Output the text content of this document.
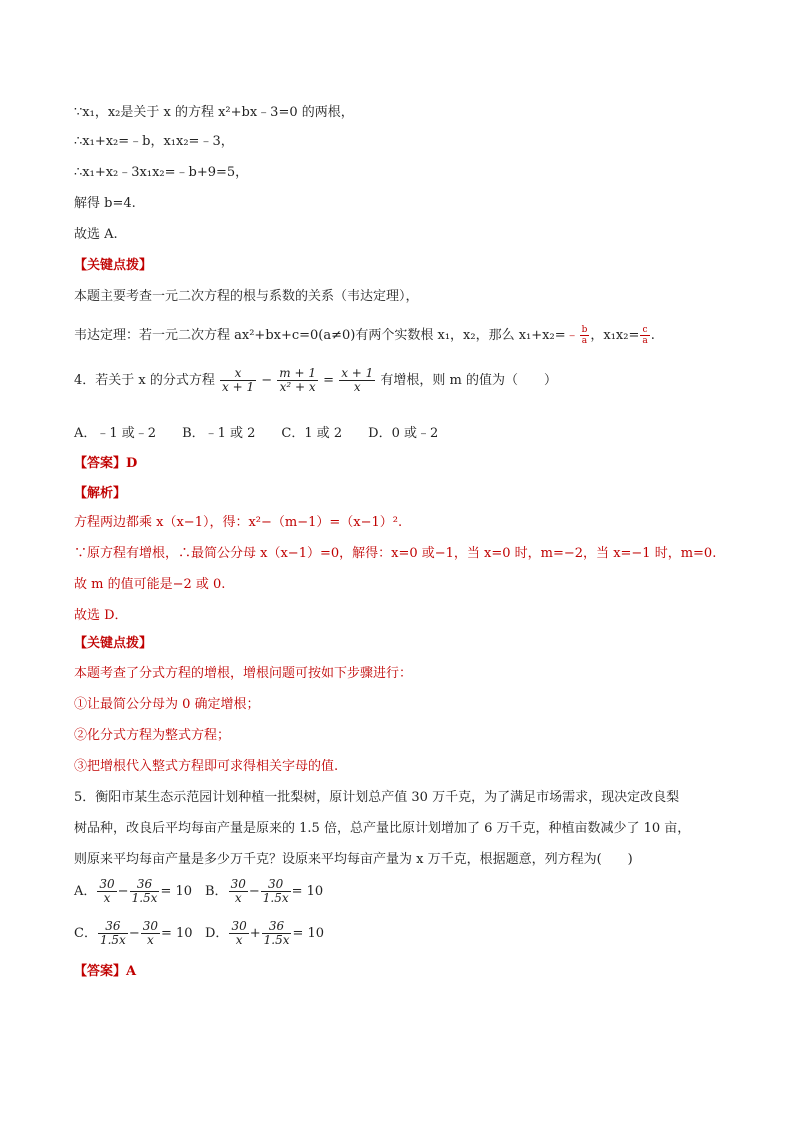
∵x₁，x₂是关于 x 的方程 x²+bx﹣3=0 的两根，
∴x₁+x₂=﹣b，x₁x₂=﹣3，
∴x₁+x₂﹣3x₁x₂=﹣b+9=5，
解得 b=4.
故选 A.
【关键点拨】
本题主要考查一元二次方程的根与系数的关系（韦达定理），
韦达定理：若一元二次方程 ax²+bx+c=0(a≠0)有两个实数根 x₁，x₂，那么 x₁+x₂=﹣ $\frac{b}{a}$ ，$x_1x_2= \frac{c}{a}$ .
4．若关于 x 的分式方程 $\frac{x}{x + 1} - \frac{m + 1}{\text{x² + x}} = \frac{x + 1}{x}$ 有增根，则 m 的值为（　　）
A．﹣1 或﹣2　　B．﹣1 或 2　　C．1 或 2　　D．0 或﹣2
【答案】D
【解析】
方程两边都乘 x（x−1），得：x²−（m−1）=（x−1）².
∵原方程有增根，∴最简公分母 x（x−1）=0，解得：x=0 或−1，当 x=0 时，m=−2，当 x=−1 时，m=0.
故 m 的值可能是−2 或 0.
故选 D．
【关键点拨】
本题考查了分式方程的增根，增根问题可按如下步骤进行：
①让最简公分母为 0 确定增根；
②化分式方程为整式方程；
③把增根代入整式方程即可求得相关字母的值.
5．衡阳市某生态示范园计划种植一批梨树，原计划总产值 30 万千克，为了满足市场需求，现决定改良梨
树品种，改良后平均每亩产量是原来的 1.5 倍，总产量比原计划增加了 6 万千克，种植亩数减少了 10 亩，
则原来平均每亩产量是多少万千克？设原来平均每亩产量为 x 万千克，根据题意，列方程为(　　)
A． $\frac{30}{x} - \frac{36}{1.5x} = 10$ B． $\frac{30}{x} - \frac{30}{1.5x} = 10$
C． $\frac{36}{1.5x} - \frac{30}{x} = 10$ D． $\frac{30}{x} + \frac{36}{1.5x} = 10$
【答案】A
